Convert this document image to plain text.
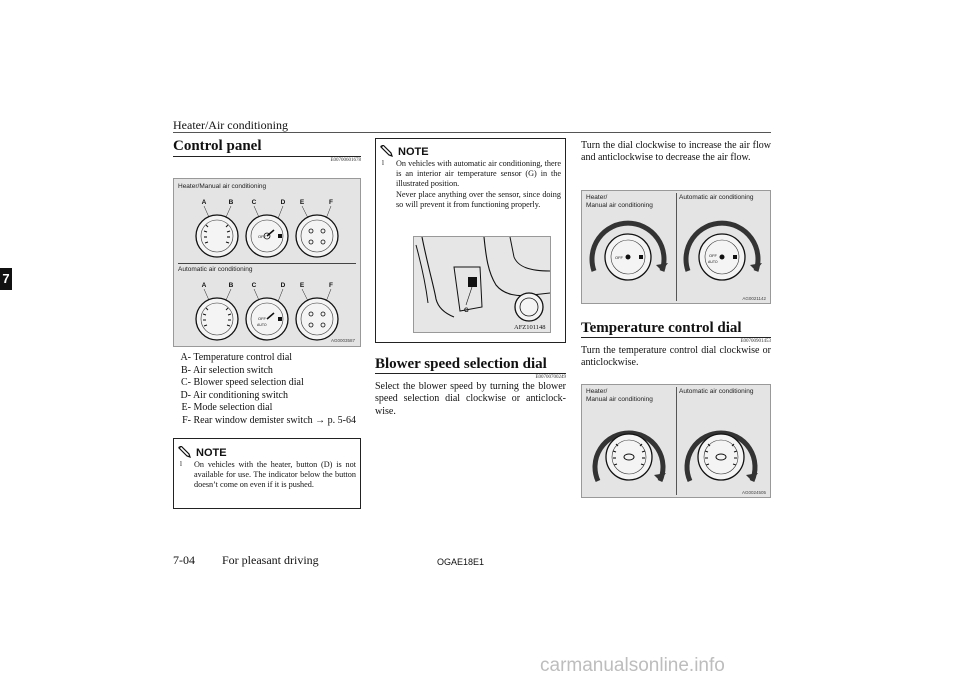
Heater/Air conditioning
7
Control panel
E00700601678
Heater/Manual air conditioning
Automatic air conditioning
A	B	C	D E	F
A	B	C	D E	F
OFF
OFF
AUTO
AG0003587
A- Temperature control dial
B- Air selection switch
C- Blower speed selection dial
D- Air conditioning switch
E- Mode selection dial
F- Rear window demister switch → p. 5-64
NOTE
l On vehicles with the heater, button (D) is not available for use. The indicator below the button doesn’t come on even if it is pushed.
NOTE
l On vehicles with automatic air conditioning, there is an interior air temperature sensor (G) in the illustrated position.
Never place anything over the sensor, since doing so will prevent it from functioning properly.
G
AFZ101148
Blower speed selection dial
E00700700249
Select the blower speed by turning the blower speed selection dial clockwise or anticlock-wise.
Turn the dial clockwise to increase the air flow and anticlockwise to decrease the air flow.
Heater/
Manual air conditioning
Automatic air conditioning
OFF	OFF
AUTO
AG0021142
Temperature control dial
E00700901453
Turn the temperature control dial clockwise or anticlockwise.
Heater/
Manual air conditioning
Automatic air conditioning
AG0024505
7-04 For pleasant driving	OGAE18E1
carmanualsonline.info
